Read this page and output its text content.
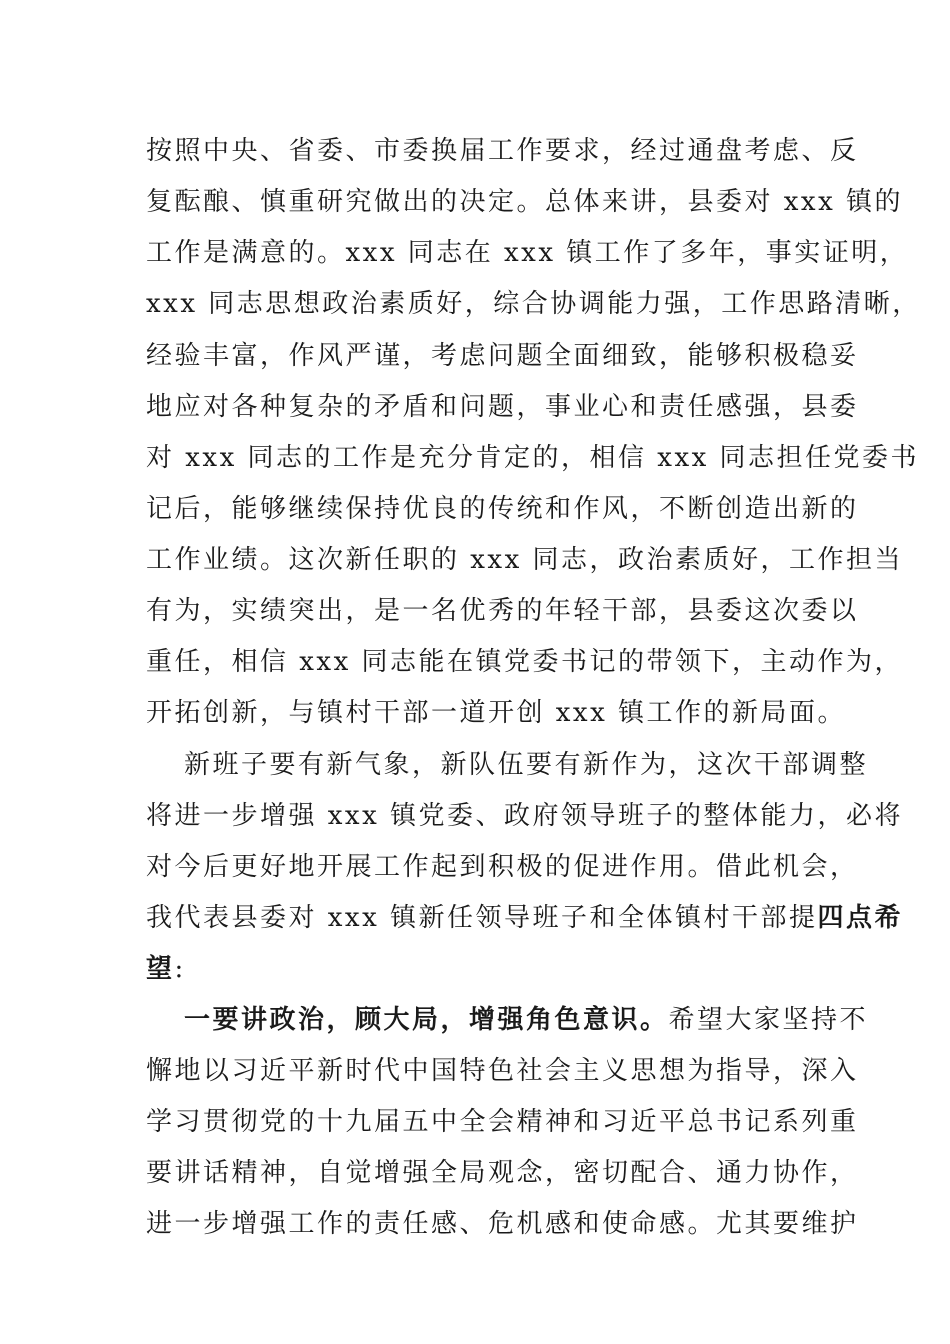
按照中央、省委、市委换届工作要求，经过通盘考虑、反
复酝酿、慎重研究做出的决定。总体来讲，县委对 xxx 镇的
工作是满意的。xxx 同志在 xxx 镇工作了多年，事实证明，
xxx 同志思想政治素质好，综合协调能力强，工作思路清晰，
经验丰富，作风严谨，考虑问题全面细致，能够积极稳妥
地应对各种复杂的矛盾和问题，事业心和责任感强，县委
对 xxx 同志的工作是充分肯定的，相信 xxx 同志担任党委书
记后，能够继续保持优良的传统和作风，不断创造出新的
工作业绩。这次新任职的 xxx 同志，政治素质好，工作担当
有为，实绩突出，是一名优秀的年轻干部，县委这次委以
重任，相信 xxx 同志能在镇党委书记的带领下，主动作为，
开拓创新，与镇村干部一道开创 xxx 镇工作的新局面。
新班子要有新气象，新队伍要有新作为，这次干部调整
将进一步增强 xxx 镇党委、政府领导班子的整体能力，必将
对今后更好地开展工作起到积极的促进作用。借此机会，
我代表县委对 xxx 镇新任领导班子和全体镇村干部提四点希
望:
一要讲政治，顾大局，增强角色意识。希望大家坚持不
懈地以习近平新时代中国特色社会主义思想为指导，深入
学习贯彻党的十九届五中全会精神和习近平总书记系列重
要讲话精神，自觉增强全局观念，密切配合、通力协作，
进一步增强工作的责任感、危机感和使命感。尤其要维护
